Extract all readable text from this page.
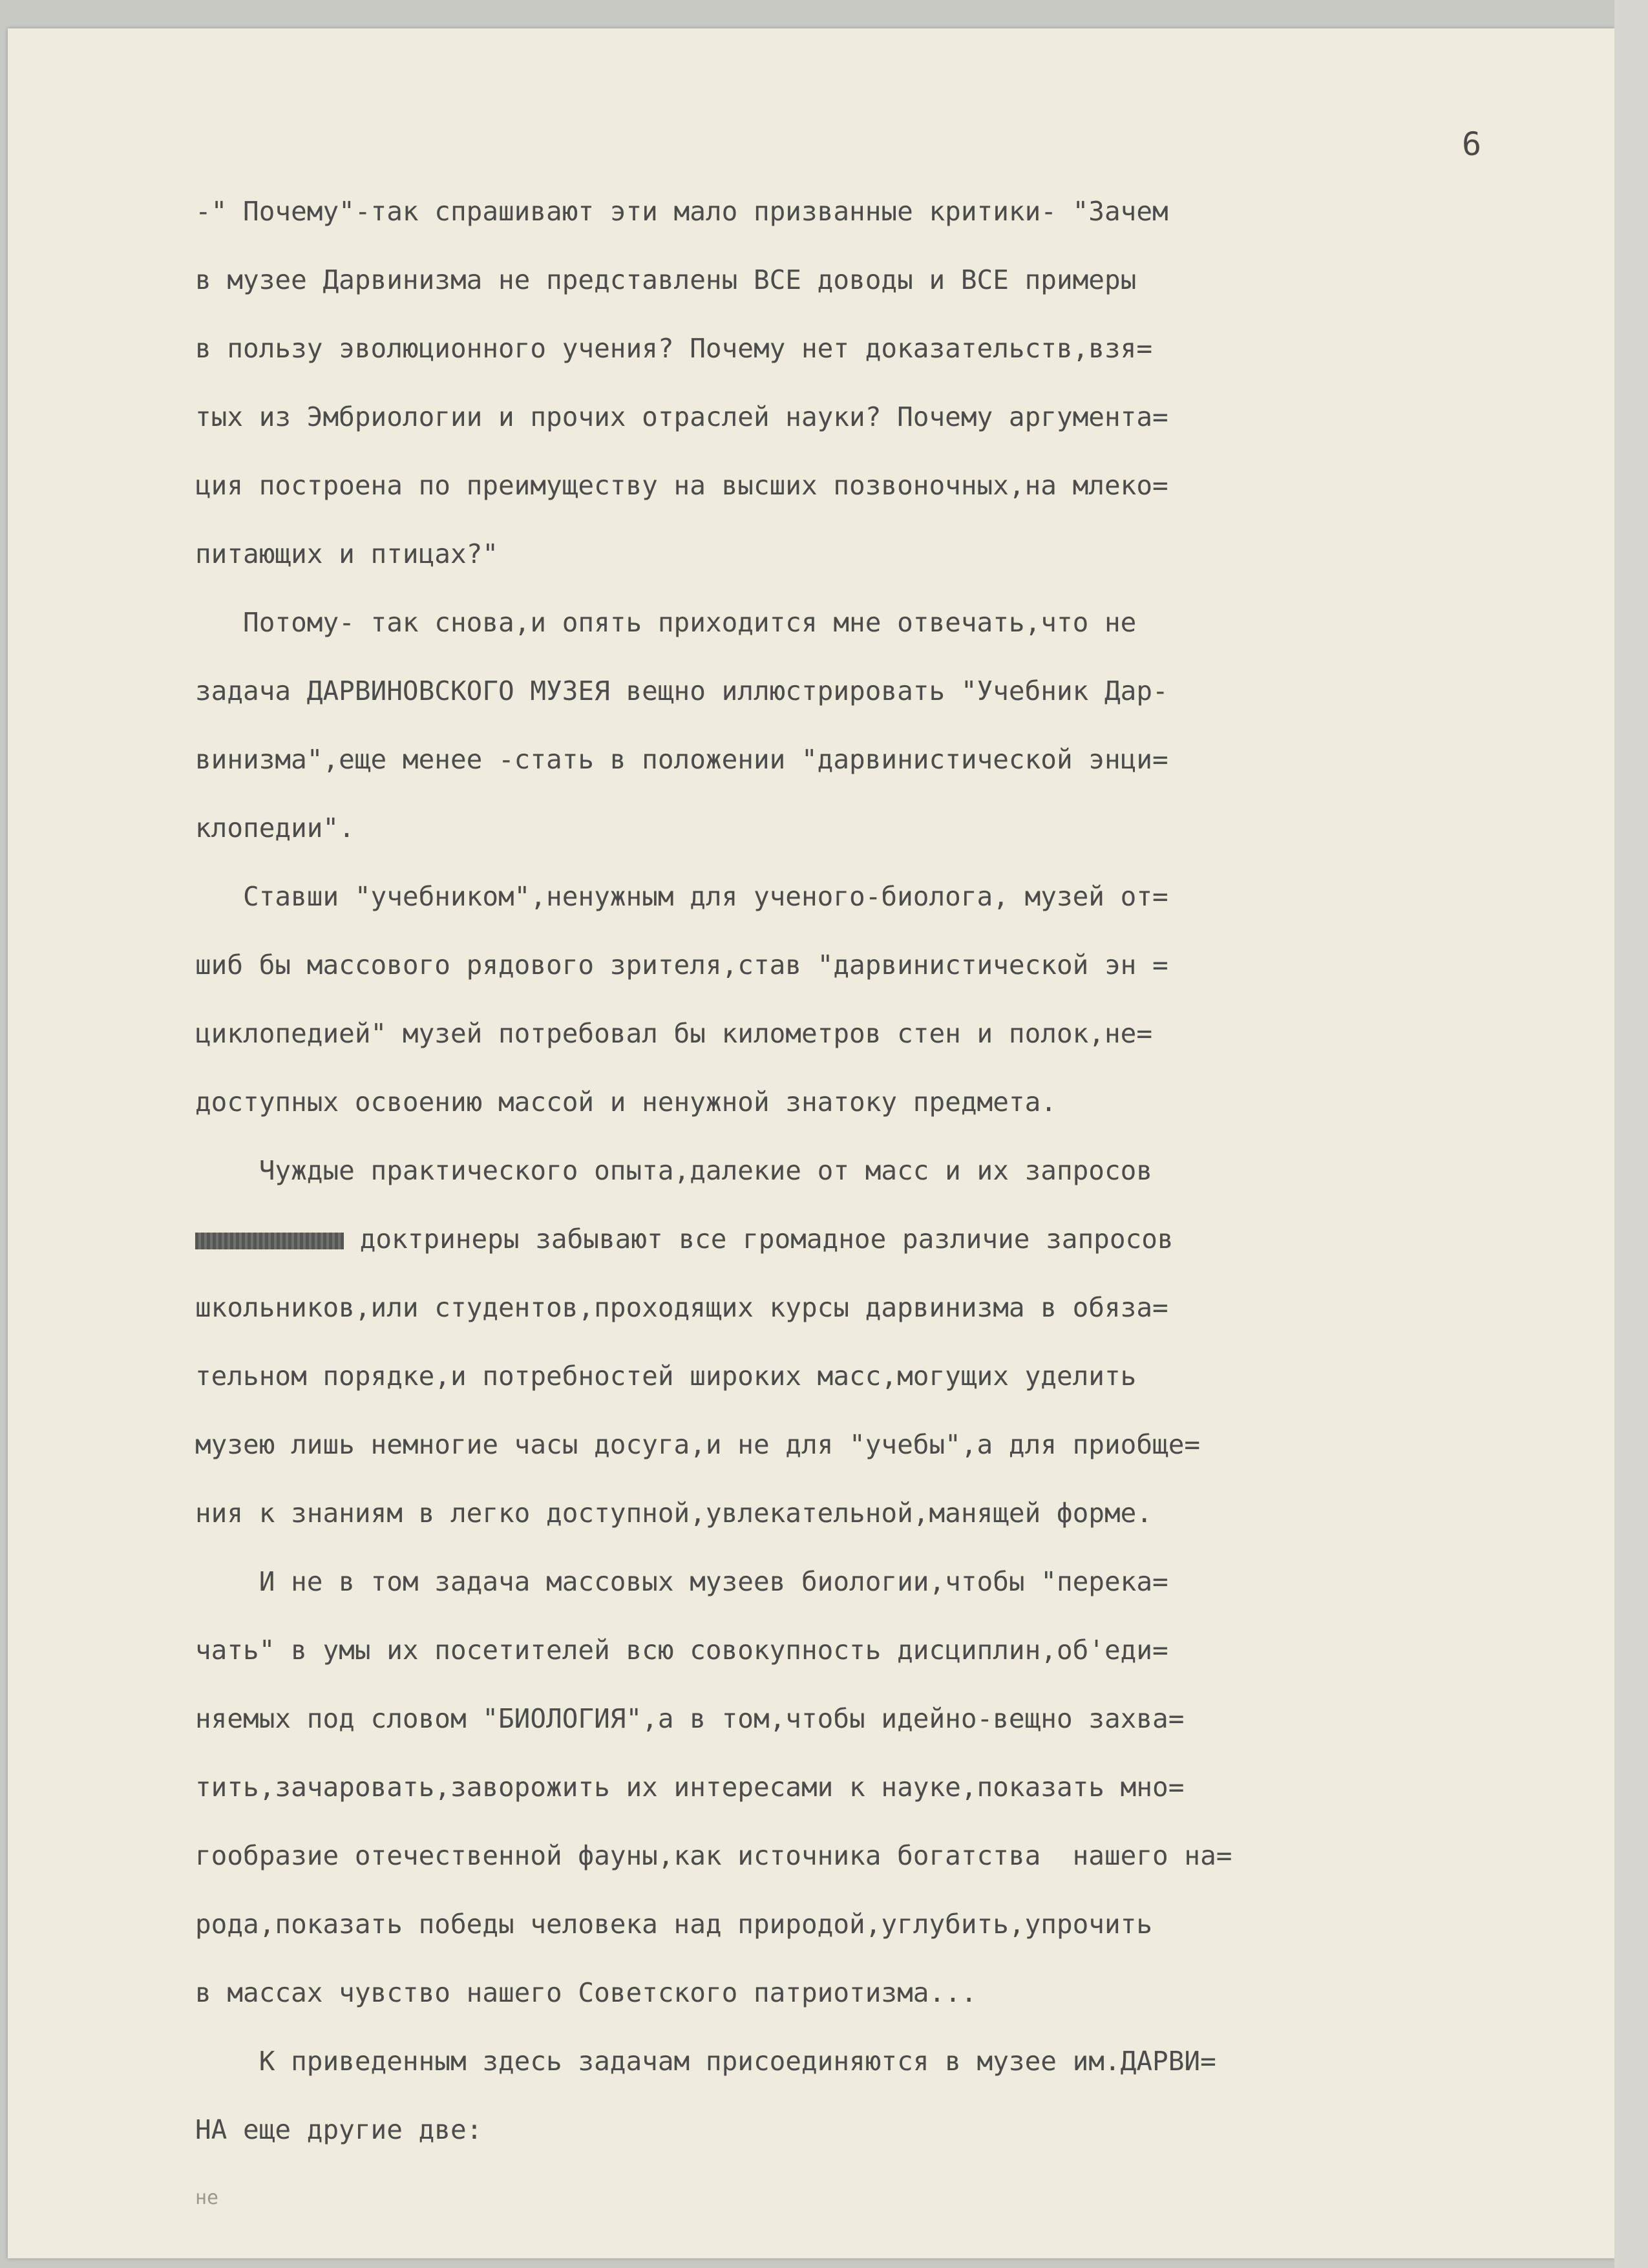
6
-" Почему"-так спрашивают эти мало призванные критики- "Зачем
в музее Дарвинизма не представлены ВСЕ доводы и ВСЕ примеры
в пользу эволюционного учения? Почему нет доказательств,взя=
тых из Эмбриологии и прочих отраслей науки? Почему аргумента=
ция построена по преимуществу на высших позвоночных,на млеко=
питающих и птицах?"
Потому- так снова,и опять приходится мне отвечать,что не
задача ДАРВИНОВСКОГО МУЗЕЯ вещно иллюстрировать "Учебник Дар-
винизма",еще менее -стать в положении "дарвинистической энци=
клопедии".
Ставши "учебником",ненужным для ученого-биолога, музей от=
шиб бы массового рядового зрителя,став "дарвинистической эн =
циклопедией" музей потребовал бы километров стен и полок,не=
доступных освоению массой и ненужной знатоку предмета.
Чуждые практического опыта,далекие от масс и их запросов
доктринеры забывают все громадное различие запросов
школьников,или студентов,проходящих курсы дарвинизма в обяза=
тельном порядке,и потребностей широких масс,могущих уделить
музею лишь немногие часы досуга,и не для "учебы",а для приобще=
ния к знаниям в легко доступной,увлекательной,манящей форме.
И не в том задача массовых музеев биологии,чтобы "перека=
чать" в умы их посетителей всю совокупность дисциплин,об'еди=
няемых под словом "БИОЛОГИЯ",а в том,чтобы идейно-вещно захва=
тить,зачаровать,заворожить их интересами к науке,показать мно=
гообразие отечественной фауны,как источника богатства  нашего на=
рода,показать победы человека над природой,углубить,упрочить
в массах чувство нашего Советского патриотизма...
К приведенным здесь задачам присоединяются в музее им.ДАРВИ=
НА еще другие две:
не
